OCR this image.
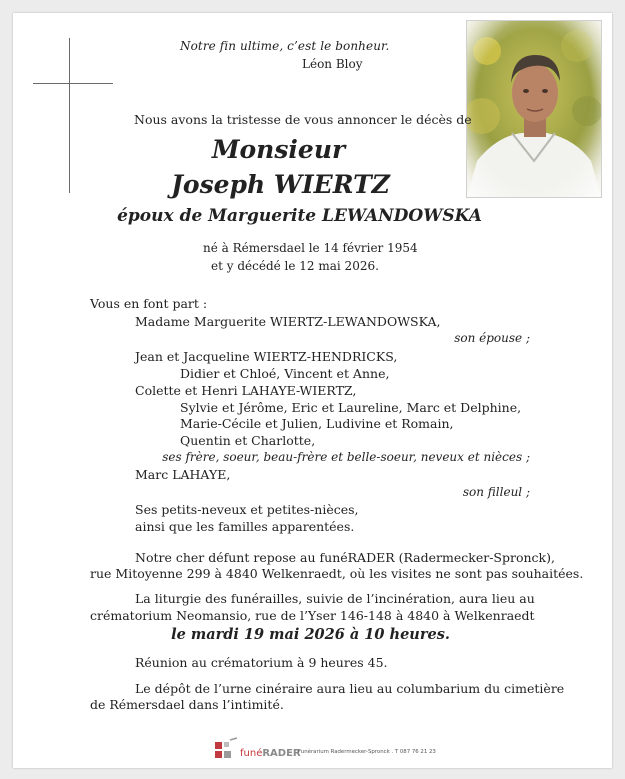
Notre fin ultime, c’est le bonheur.
Léon Bloy
Nous avons la tristesse de vous annoncer le décès de
Monsieur
Joseph WIERTZ
époux de Marguerite LEWANDOWSKA
né à Rémersdael le 14 février 1954
et y décédé le 12 mai 2026.
Vous en font part :
Madame Marguerite WIERTZ-LEWANDOWSKA,
son épouse ;
Jean et Jacqueline WIERTZ-HENDRICKS,
Didier et Chloé, Vincent et Anne,
Colette et Henri LAHAYE-WIERTZ,
Sylvie et Jérôme, Eric et Laureline, Marc et Delphine,
Marie-Cécile et Julien, Ludivine et Romain,
Quentin et Charlotte,
ses frère, soeur, beau-frère et belle-soeur, neveux et nièces ;
Marc LAHAYE,
son filleul ;
Ses petits-neveux et petites-nièces,
ainsi que les familles apparentées.
Notre cher défunt repose au funéRADER (Radermecker-Spronck),
rue Mitoyenne 299 à 4840 Welkenraedt, où les visites ne sont pas souhaitées.
La liturgie des funérailles, suivie de l’incinération, aura lieu au
crématorium Neomansio, rue de l’Yser 146-148 à 4840 à Welkenraedt
le mardi 19 mai 2026 à 10 heures.
Réunion au crématorium à 9 heures 45.
Le dépôt de l’urne cinéraire aura lieu au columbarium du cimetière
de Rémersdael dans l’intimité.
funéRADER
Funérarium Radermecker-Spronck . T 087 76 21 23
